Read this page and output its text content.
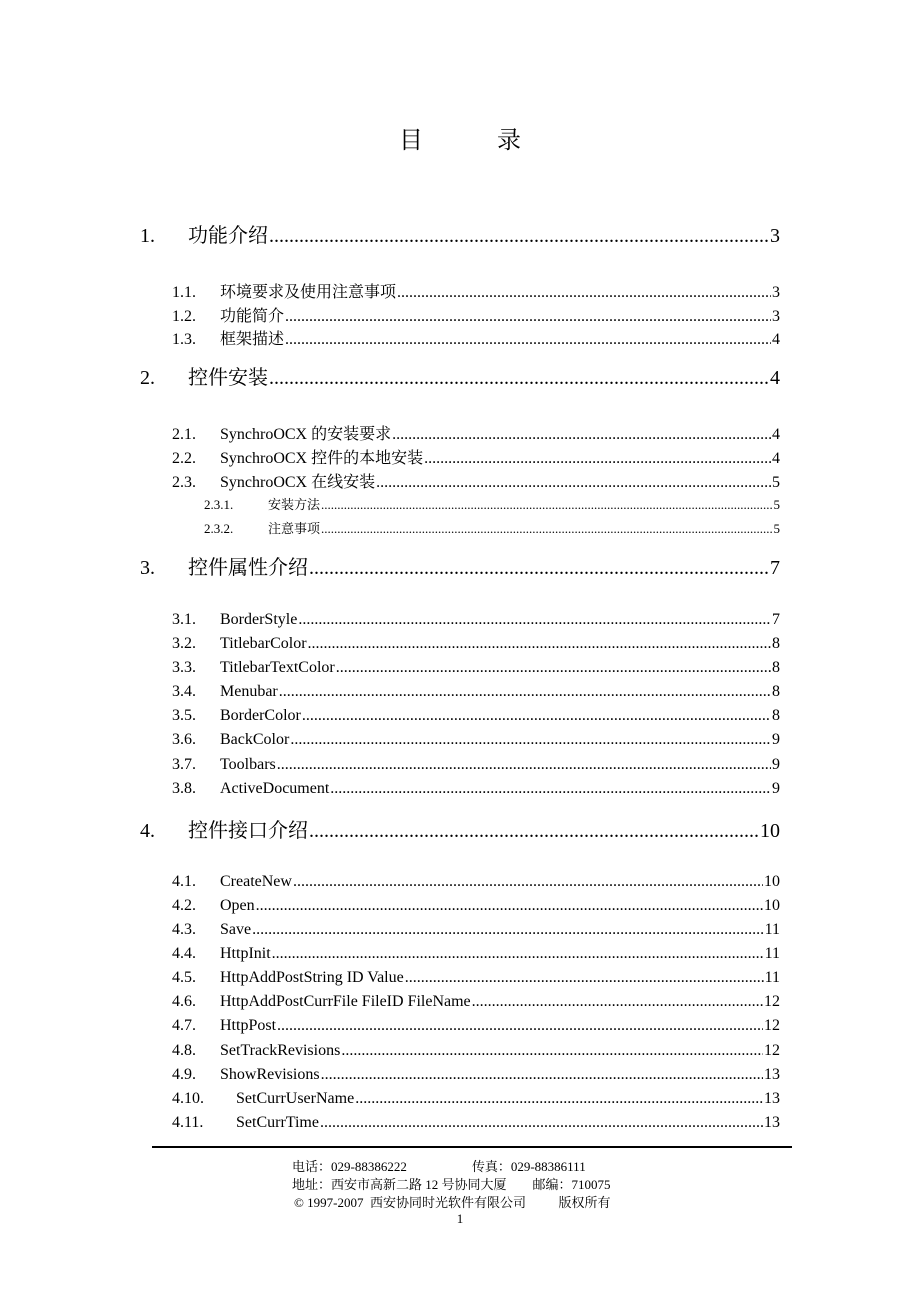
目 录
1.	功能介绍 .....	3
1.1.	环境要求及使用注意事项 .....	3
1.2.	功能简介 .....	3
1.3.	框架描述 .....	4
2.	控件安装 .....	4
2.1.	SynchroOCX 的安装要求 .....	4
2.2.	SynchroOCX 控件的本地安装 .....	4
2.3.	SynchroOCX 在线安装 .....	5
2.3.1.	安装方法 .....	5
2.3.2.	注意事项 .....	5
3.	控件属性介绍 .....	7
3.1.	BorderStyle .....	7
3.2.	TitlebarColor .....	8
3.3.	TitlebarTextColor .....	8
3.4.	Menubar .....	8
3.5.	BorderColor .....	8
3.6.	BackColor .....	9
3.7.	Toolbars .....	9
3.8.	ActiveDocument .....	9
4.	控件接口介绍 .....	10
4.1.	CreateNew .....	10
4.2.	Open .....	10
4.3.	Save .....	11
4.4.	HttpInit .....	11
4.5.	HttpAddPostString ID Value .....	11
4.6.	HttpAddPostCurrFile FileID FileName .....	12
4.7.	HttpPost .....	12
4.8.	SetTrackRevisions .....	12
4.9.	ShowRevisions .....	13
4.10.	SetCurrUserName .....	13
4.11.	SetCurrTime .....	13
电话：029-88386222                    传真：029-88386111
地址：西安市高新二路 12 号协同大厦        邮编：710075
© 1997-2007  西安协同时光软件有限公司          版权所有
1
